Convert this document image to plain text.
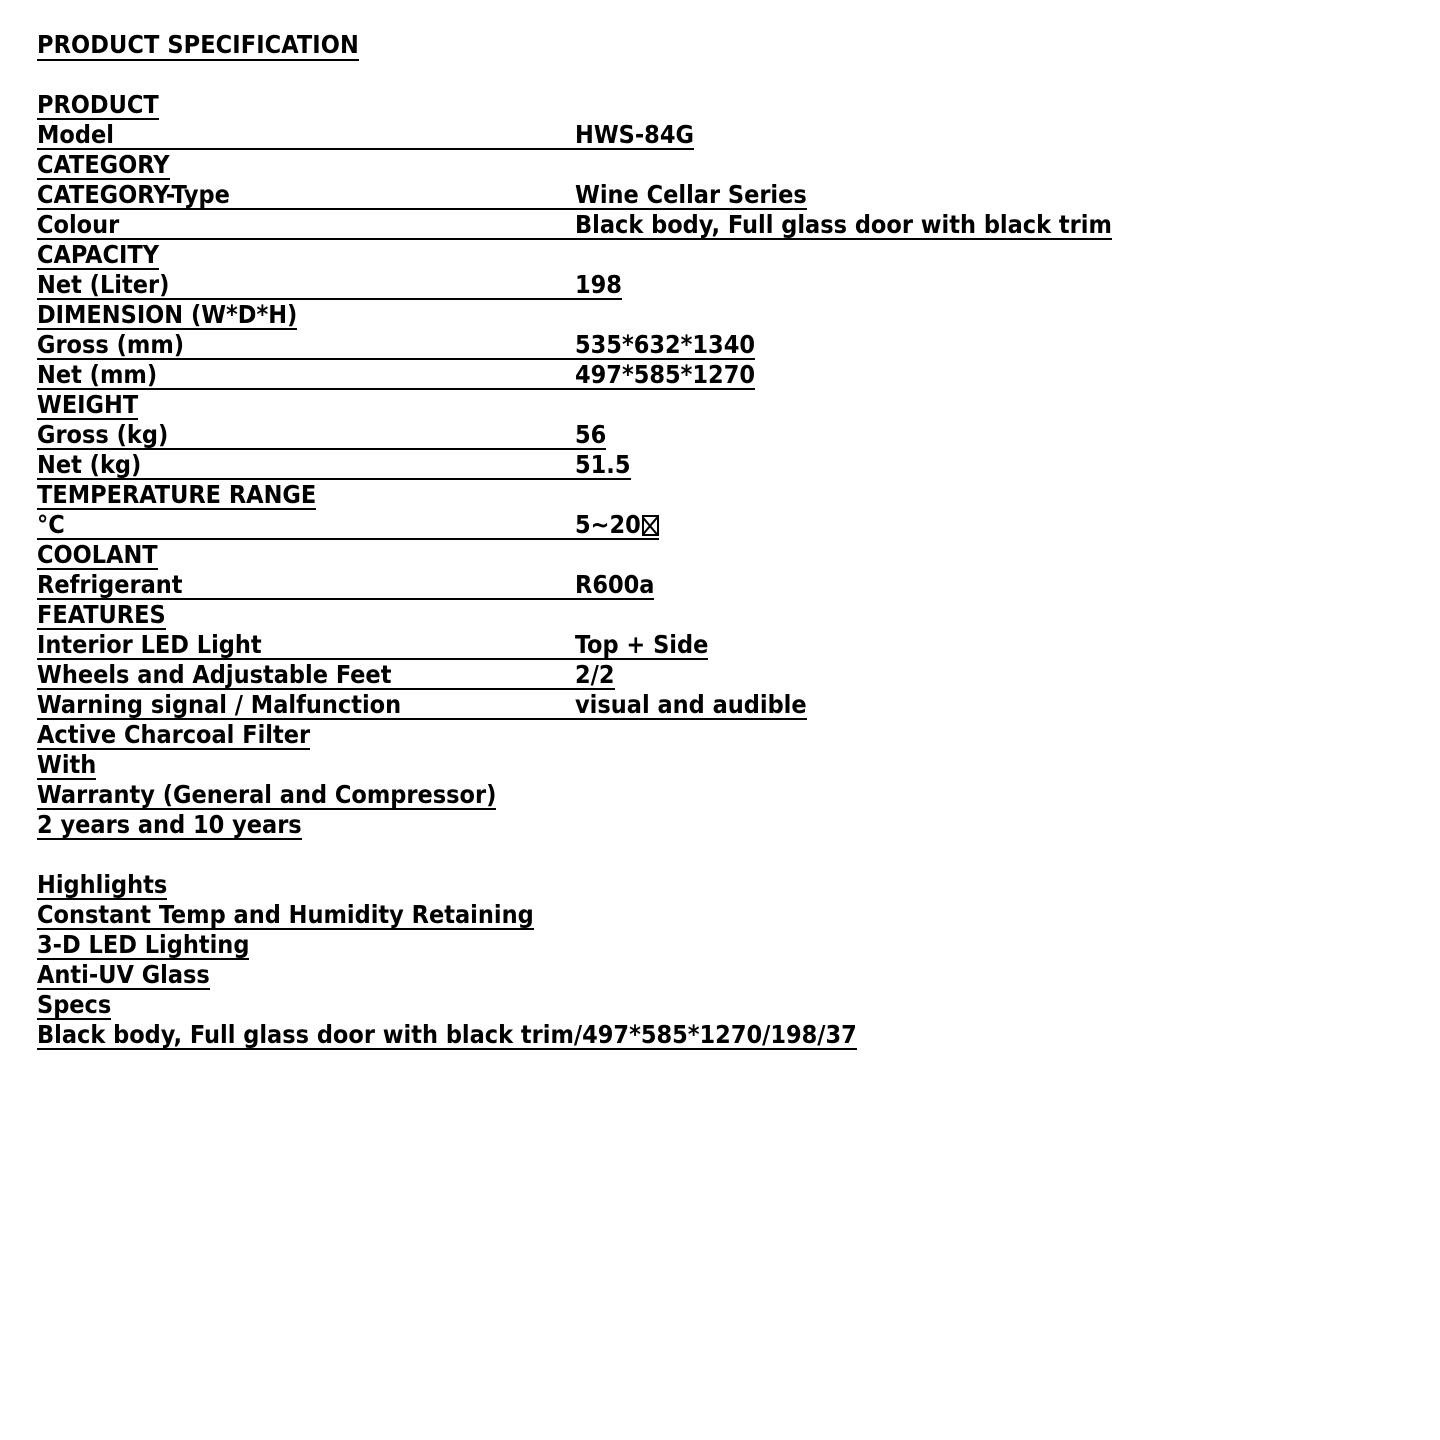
PRODUCT SPECIFICATION
PRODUCT	

Model	HWS-84G
CATEGORY	

CATEGORY-Type	Wine Cellar Series

Colour	Black body, Full glass door with black trim
CAPACITY	

Net (Liter)	198
DIMENSION (W*D*H)	

Gross (mm)	535*632*1340

Net (mm)	497*585*1270
WEIGHT	

Gross (kg)	56

Net (kg)	51.5
TEMPERATURE RANGE	

°C	5~20
COOLANT	

Refrigerant	R600a
FEATURES	

Interior LED Light	Top + Side

Wheels and Adjustable Feet	2/2

Warning signal / Malfunction	visual and audible
Active Charcoal Filter	
With	
Warranty (General and Compressor)	
2 years and 10 years	

Highlights	
Constant Temp and Humidity Retaining	
3-D LED Lighting	
Anti-UV Glass	
Specs	
Black body, Full glass door with black trim/497*585*1270/198/37	
